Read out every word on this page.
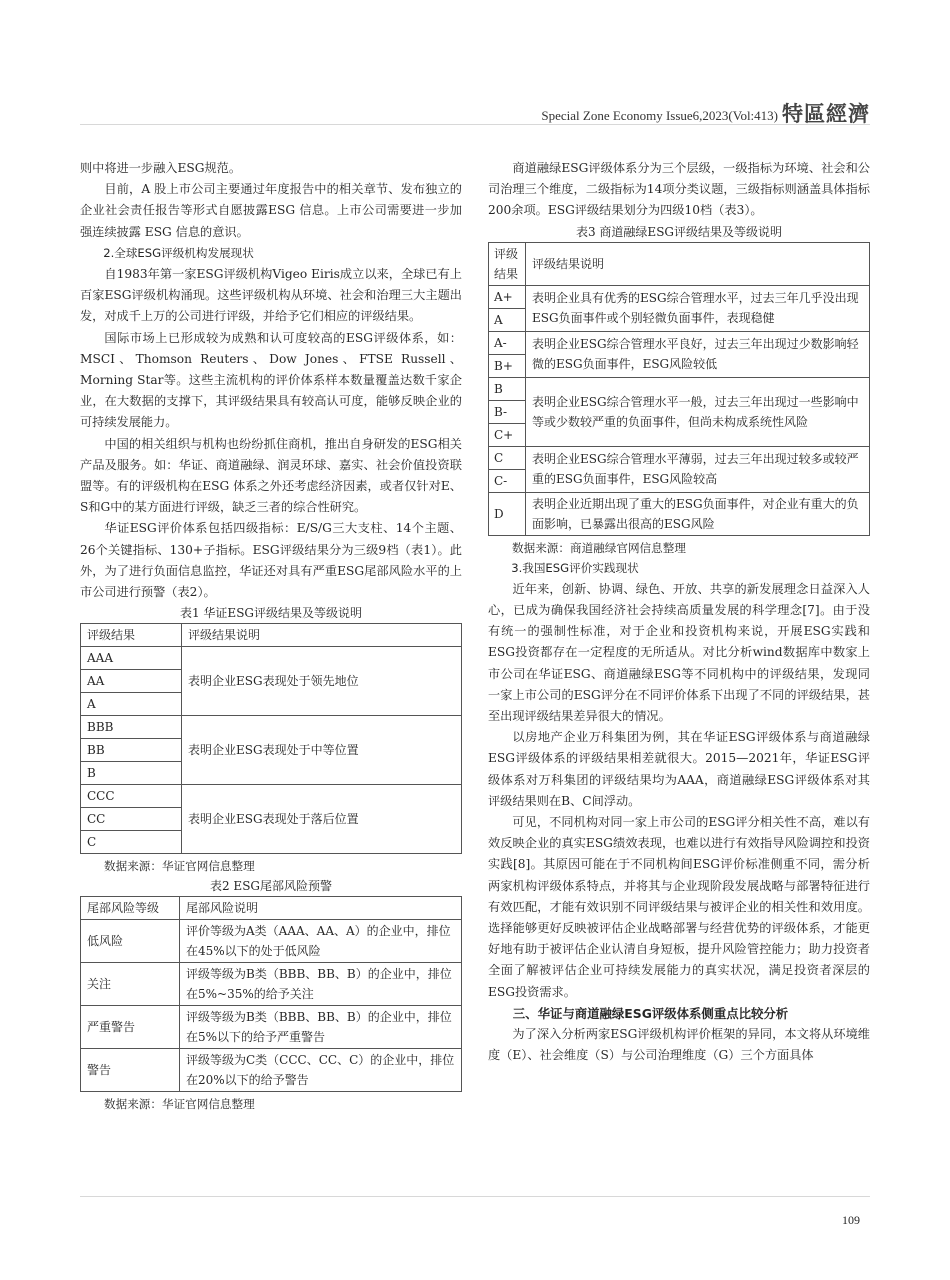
Special Zone Economy Issue6,2023(Vol:413) 特區經濟

则中将进一步融入ESG规范。

目前，A 股上市公司主要通过年度报告中的相关章节、发布独立的企业社会责任报告等形式自愿披露ESG 信息。上市公司需要进一步加强连续披露 ESG 信息的意识。

2.全球ESG评级机构发展现状

自1983年第一家ESG评级机构Vigeo Eiris成立以来，全球已有上百家ESG评级机构涌现。这些评级机构从环境、社会和治理三大主题出发，对成千上万的公司进行评级，并给予它们相应的评级结果。

国际市场上已形成较为成熟和认可度较高的ESG评级体系，如：MSCI、Thomson Reuters、Dow Jones、FTSE Russell、Morning Star等。这些主流机构的评价体系样本数量覆盖达数千家企业，在大数据的支撑下，其评级结果具有较高认可度，能够反映企业的可持续发展能力。

中国的相关组织与机构也纷纷抓住商机，推出自身研发的ESG相关产品及服务。如：华证、商道融绿、润灵环球、嘉实、社会价值投资联盟等。有的评级机构在ESG 体系之外还考虑经济因素，或者仅针对E、S和G中的某方面进行评级，缺乏三者的综合性研究。

华证ESG评价体系包括四级指标：E/S/G三大支柱、14个主题、26个关键指标、130+子指标。ESG评级结果分为三级9档（表1）。此外，为了进行负面信息监控，华证还对具有严重ESG尾部风险水平的上市公司进行预警（表2）。

表1 华证ESG评级结果及等级说明
评级结果	评级结果说明
AAA	表明企业ESG表现处于领先地位
AA	
A	
BBB	表明企业ESG表现处于中等位置
BB	
B	
CCC	表明企业ESG表现处于落后位置
CC	
C	
数据来源：华证官网信息整理
表2 ESG尾部风险预警
尾部风险等级	尾部风险说明
低风险	评价等级为A类（AAA、AA、A）的企业中，排位在45%以下的处于低风险
关注	评级等级为B类（BBB、BB、B）的企业中，排位在5%~35%的给予关注
严重警告	评级等级为B类（BBB、BB、B）的企业中，排位在5%以下的给予严重警告
警告	评级等级为C类（CCC、CC、C）的企业中，排位在20%以下的给予警告
数据来源：华证官网信息整理

商道融绿ESG评级体系分为三个层级，一级指标为环境、社会和公司治理三个维度，二级指标为14项分类议题，三级指标则涵盖具体指标200余项。ESG评级结果划分为四级10档（表3）。

表3 商道融绿ESG评级结果及等级说明
评级结果	评级结果说明
A+	表明企业具有优秀的ESG综合管理水平，过去三年几乎没出现ESG负面事件或个别轻微负面事件，表现稳健
A	
A-	表明企业ESG综合管理水平良好，过去三年出现过少数影响轻微的ESG负面事件，ESG风险较低
B+	
B	表明企业ESG综合管理水平一般，过去三年出现过一些影响中等或少数较严重的负面事件，但尚未构成系统性风险
B-	
C+	
C	表明企业ESG综合管理水平薄弱，过去三年出现过较多或较严重的ESG负面事件，ESG风险较高
C-	
D	表明企业近期出现了重大的ESG负面事件，对企业有重大的负面影响，已暴露出很高的ESG风险
数据来源：商道融绿官网信息整理
3.我国ESG评价实践现状

近年来，创新、协调、绿色、开放、共享的新发展理念日益深入人心，已成为确保我国经济社会持续高质量发展的科学理念[7]。由于没有统一的强制性标准，对于企业和投资机构来说，开展ESG实践和ESG投资都存在一定程度的无所适从。对比分析wind数据库中数家上市公司在华证ESG、商道融绿ESG等不同机构中的评级结果，发现同一家上市公司的ESG评分在不同评价体系下出现了不同的评级结果，甚至出现评级结果差异很大的情况。

以房地产企业万科集团为例，其在华证ESG评级体系与商道融绿ESG评级体系的评级结果相差就很大。2015—2021年，华证ESG评级体系对万科集团的评级结果均为AAA，商道融绿ESG评级体系对其评级结果则在B、C间浮动。

可见，不同机构对同一家上市公司的ESG评分相关性不高，难以有效反映企业的真实ESG绩效表现，也难以进行有效指导风险调控和投资实践[8]。其原因可能在于不同机构间ESG评价标准侧重不同，需分析两家机构评级体系特点，并将其与企业现阶段发展战略与部署特征进行有效匹配，才能有效识别不同评级结果与被评企业的相关性和效用度。选择能够更好反映被评估企业战略部署与经营优势的评级体系，才能更好地有助于被评估企业认清自身短板，提升风险管控能力；助力投资者全面了解被评估企业可持续发展能力的真实状况，满足投资者深层的ESG投资需求。

三、华证与商道融绿ESG评级体系侧重点比较分析

为了深入分析两家ESG评级机构评价框架的异同，本文将从环境维度（E）、社会维度（S）与公司治理维度（G）三个方面具体

109
